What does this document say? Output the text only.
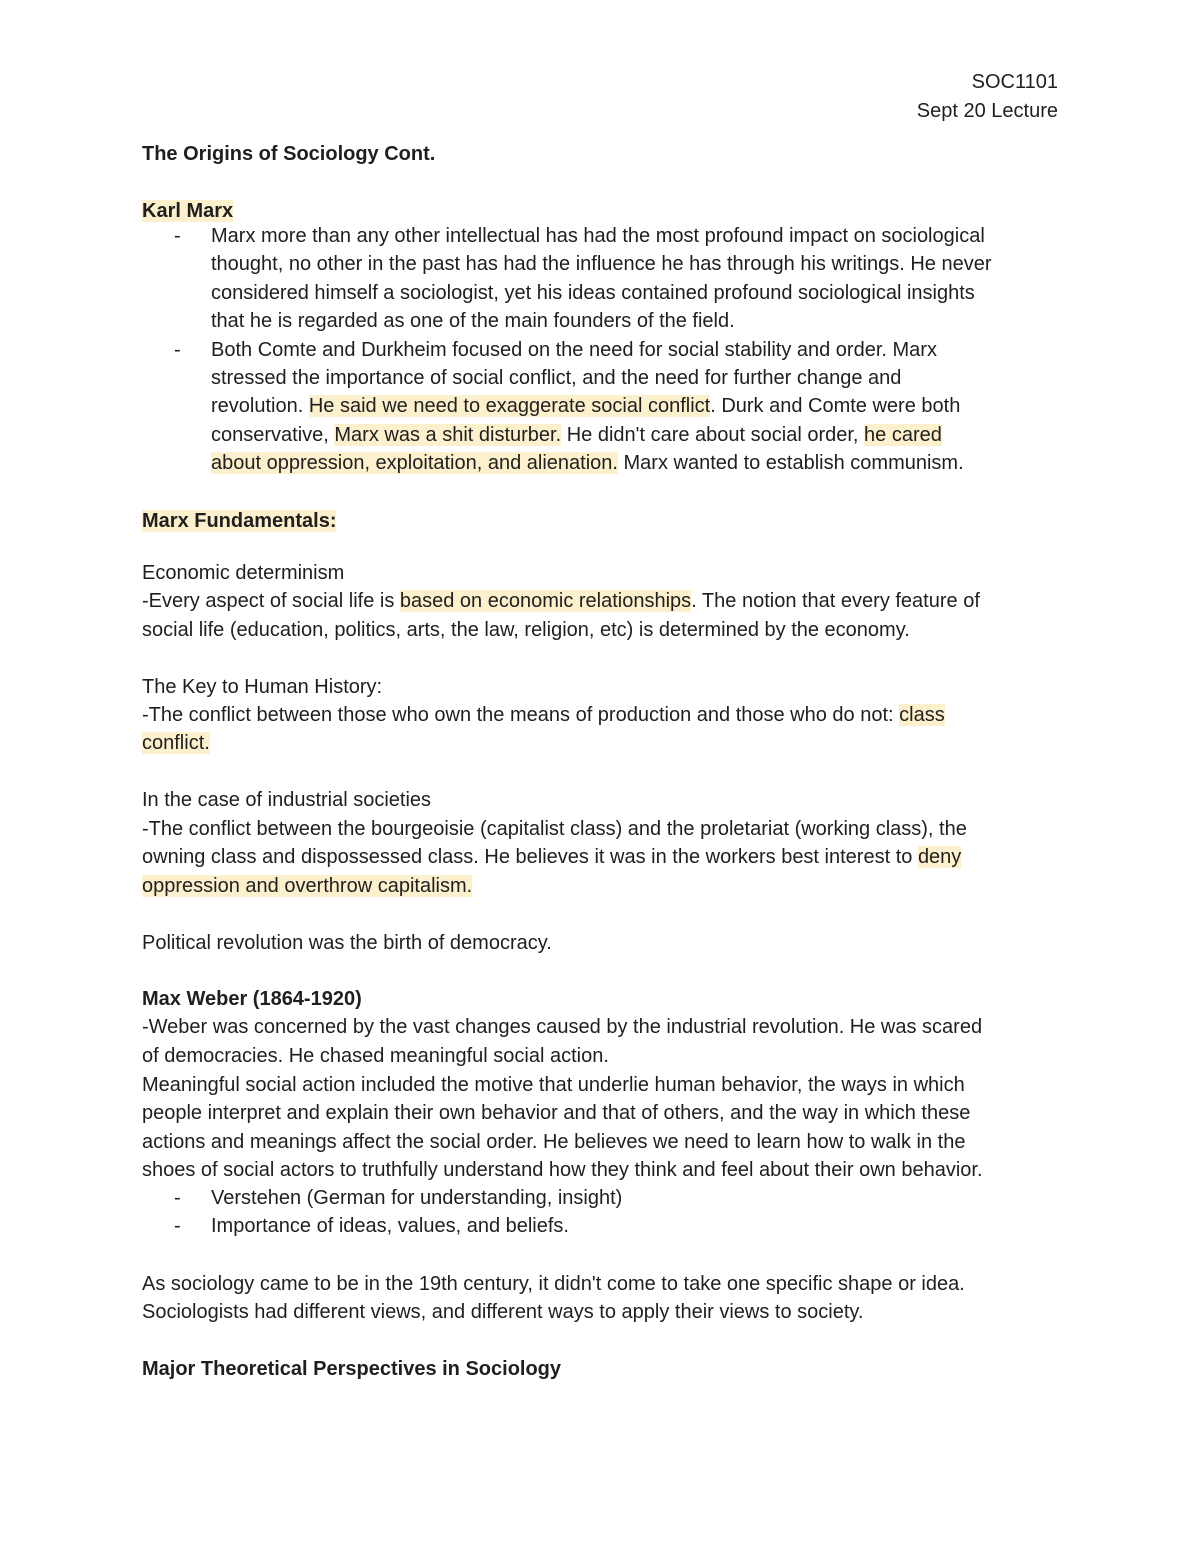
SOC1101
Sept 20 Lecture
The Origins of Sociology Cont.
Karl Marx
- Marx more than any other intellectual has had the most profound impact on sociological
thought, no other in the past has had the influence he has through his writings. He never
considered himself a sociologist, yet his ideas contained profound sociological insights
that he is regarded as one of the main founders of the field.
- Both Comte and Durkheim focused on the need for social stability and order. Marx
stressed the importance of social conflict, and the need for further change and
revolution. He said we need to exaggerate social conflict. Durk and Comte were both
conservative, Marx was a shit disturber. He didn't care about social order, he cared
about oppression, exploitation, and alienation. Marx wanted to establish communism.
Marx Fundamentals:
Economic determinism
-Every aspect of social life is based on economic relationships. The notion that every feature of
social life (education, politics, arts, the law, religion, etc) is determined by the economy.
The Key to Human History:
-The conflict between those who own the means of production and those who do not: class
conflict.
In the case of industrial societies
-The conflict between the bourgeoisie (capitalist class) and the proletariat (working class), the
owning class and dispossessed class. He believes it was in the workers best interest to deny
oppression and overthrow capitalism.
Political revolution was the birth of democracy.
Max Weber (1864-1920)
-Weber was concerned by the vast changes caused by the industrial revolution. He was scared
of democracies. He chased meaningful social action.
Meaningful social action included the motive that underlie human behavior, the ways in which
people interpret and explain their own behavior and that of others, and the way in which these
actions and meanings affect the social order. He believes we need to learn how to walk in the
shoes of social actors to truthfully understand how they think and feel about their own behavior.
- Verstehen (German for understanding, insight)
- Importance of ideas, values, and beliefs.
As sociology came to be in the 19th century, it didn't come to take one specific shape or idea.
Sociologists had different views, and different ways to apply their views to society.
Major Theoretical Perspectives in Sociology
